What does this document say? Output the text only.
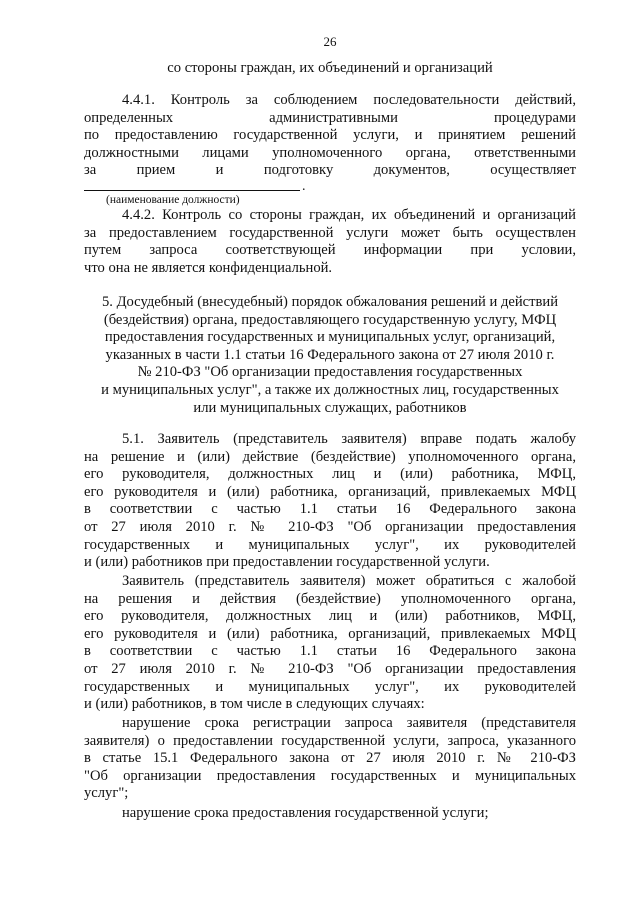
26
со стороны граждан, их объединений и организаций
4.4.1. Контроль за соблюдением последовательности действий,
определенных административными процедурами
по предоставлению государственной услуги, и принятием решений
должностными лицами уполномоченного органа, ответственными
за прием и подготовку документов, осуществляет
.
(наименование должности)
4.4.2. Контроль со стороны граждан, их объединений и организаций
за предоставлением государственной услуги может быть осуществлен
путем запроса соответствующей информации при условии,
что она не является конфиденциальной.
5. Досудебный (внесудебный) порядок обжалования решений и действий
(бездействия) органа, предоставляющего государственную услугу, МФЦ
предоставления государственных и муниципальных услуг, организаций,
указанных в части 1.1 статьи 16 Федерального закона от 27 июля 2010 г.
№ 210-ФЗ "Об организации предоставления государственных
и муниципальных услуг", а также их должностных лиц, государственных
или муниципальных служащих, работников
5.1. Заявитель (представитель заявителя) вправе подать жалобу
на решение и (или) действие (бездействие) уполномоченного органа,
его руководителя, должностных лиц и (или) работника, МФЦ,
его руководителя и (или) работника, организаций, привлекаемых МФЦ
в соответствии с частью 1.1 статьи 16 Федерального закона
от 27 июля 2010 г. № 210-ФЗ "Об организации предоставления
государственных и муниципальных услуг", их руководителей
и (или) работников при предоставлении государственной услуги.
Заявитель (представитель заявителя) может обратиться с жалобой
на решения и действия (бездействие) уполномоченного органа,
его руководителя, должностных лиц и (или) работников, МФЦ,
его руководителя и (или) работника, организаций, привлекаемых МФЦ
в соответствии с частью 1.1 статьи 16 Федерального закона
от 27 июля 2010 г. № 210-ФЗ "Об организации предоставления
государственных и муниципальных услуг", их руководителей
и (или) работников, в том числе в следующих случаях:
нарушение срока регистрации запроса заявителя (представителя
заявителя) о предоставлении государственной услуги, запроса, указанного
в статье 15.1 Федерального закона от 27 июля 2010 г. № 210-ФЗ
"Об организации предоставления государственных и муниципальных
услуг";
нарушение срока предоставления государственной услуги;
